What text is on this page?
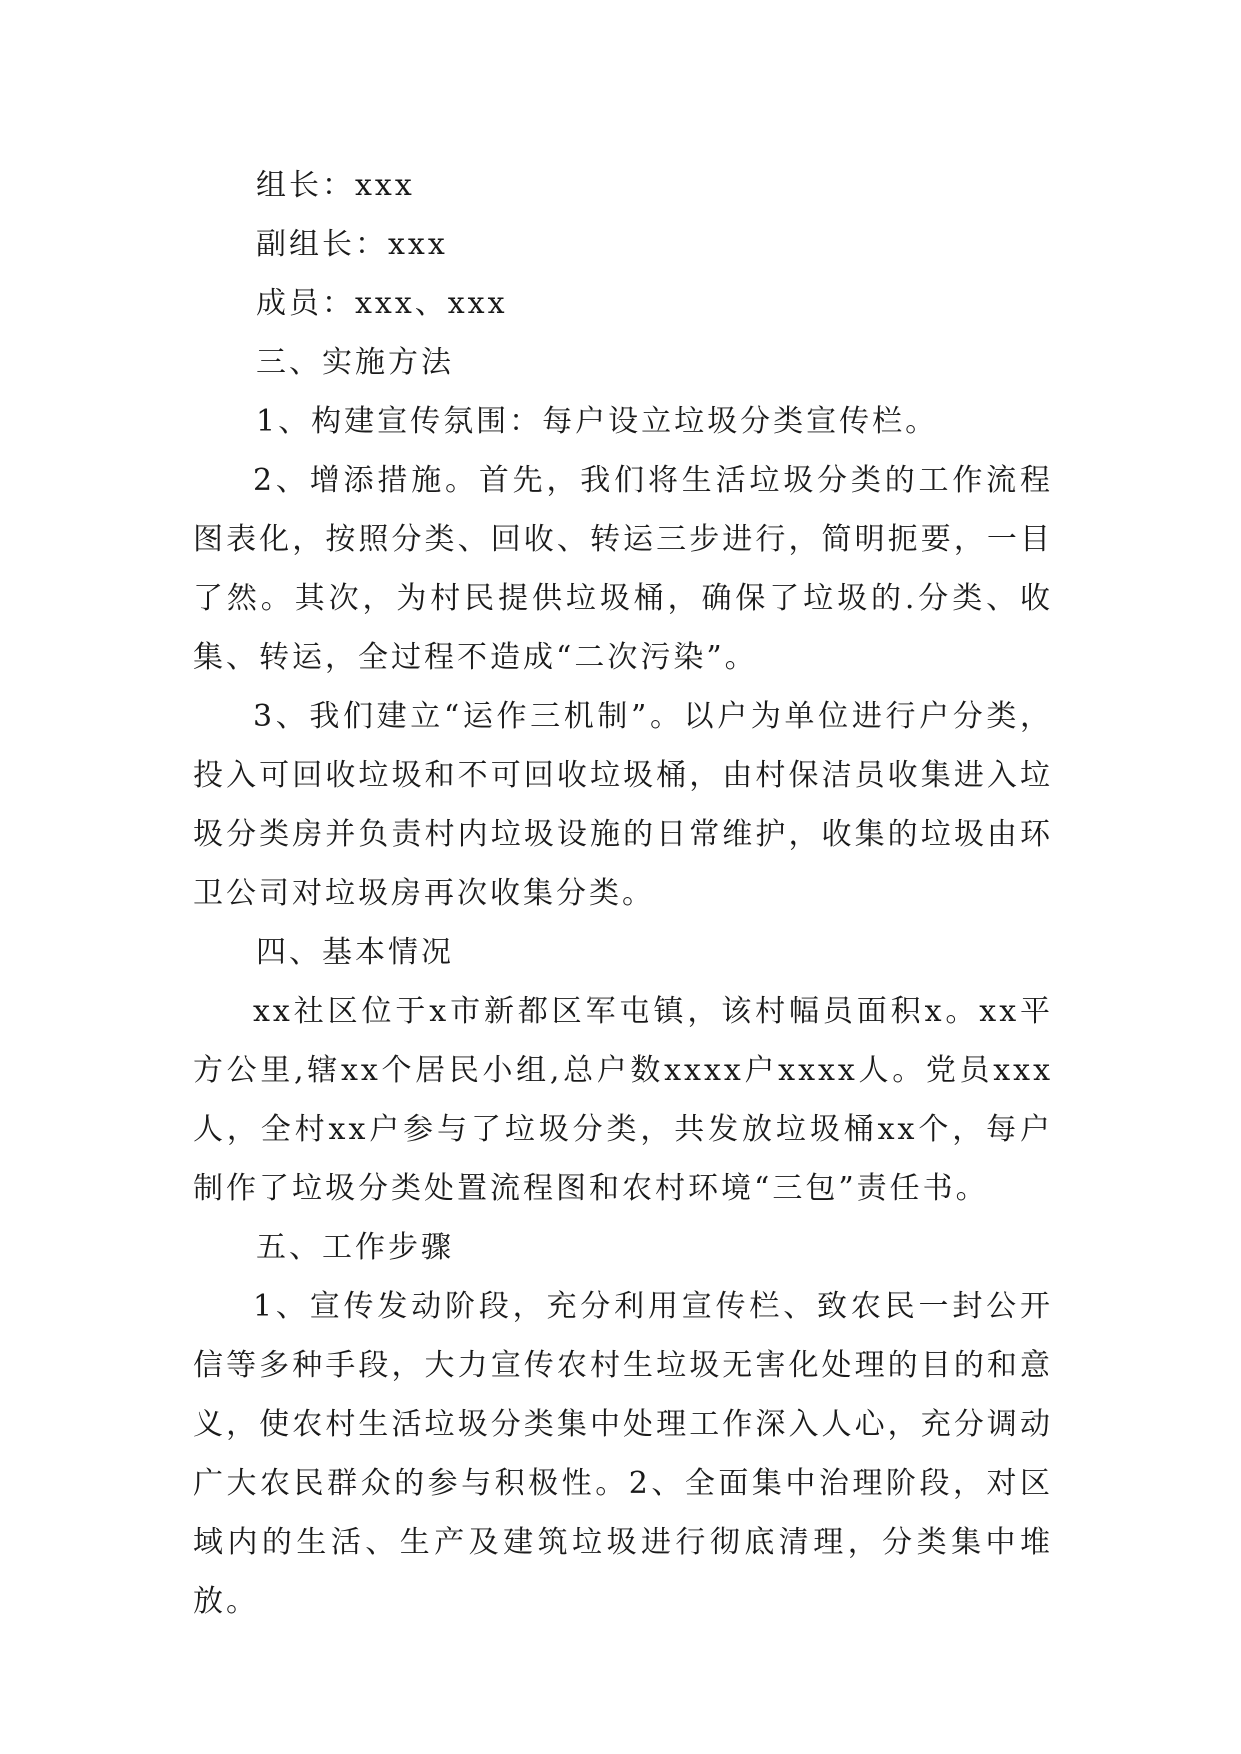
组长：xxx

副组长：xxx

成员：xxx、xxx

三、实施方法

1、构建宣传氛围：每户设立垃圾分类宣传栏。

2、增添措施。首先，我们将生活垃圾分类的工作流程图表化，按照分类、回收、转运三步进行，简明扼要，一目了然。其次，为村民提供垃圾桶，确保了垃圾的.分类、收集、转运，全过程不造成“二次污染”。

3、我们建立“运作三机制”。以户为单位进行户分类，投入可回收垃圾和不可回收垃圾桶，由村保洁员收集进入垃圾分类房并负责村内垃圾设施的日常维护，收集的垃圾由环卫公司对垃圾房再次收集分类。

四、基本情况

xx社区位于x市新都区军屯镇，该村幅员面积x。xx平方公里,辖xx个居民小组,总户数xxxx户xxxx人。党员xxx人，全村xx户参与了垃圾分类，共发放垃圾桶xx个，每户制作了垃圾分类处置流程图和农村环境“三包”责任书。

五、工作步骤

1、宣传发动阶段，充分利用宣传栏、致农民一封公开信等多种手段，大力宣传农村生垃圾无害化处理的目的和意义，使农村生活垃圾分类集中处理工作深入人心，充分调动广大农民群众的参与积极性。2、全面集中治理阶段，对区域内的生活、生产及建筑垃圾进行彻底清理，分类集中堆放。
